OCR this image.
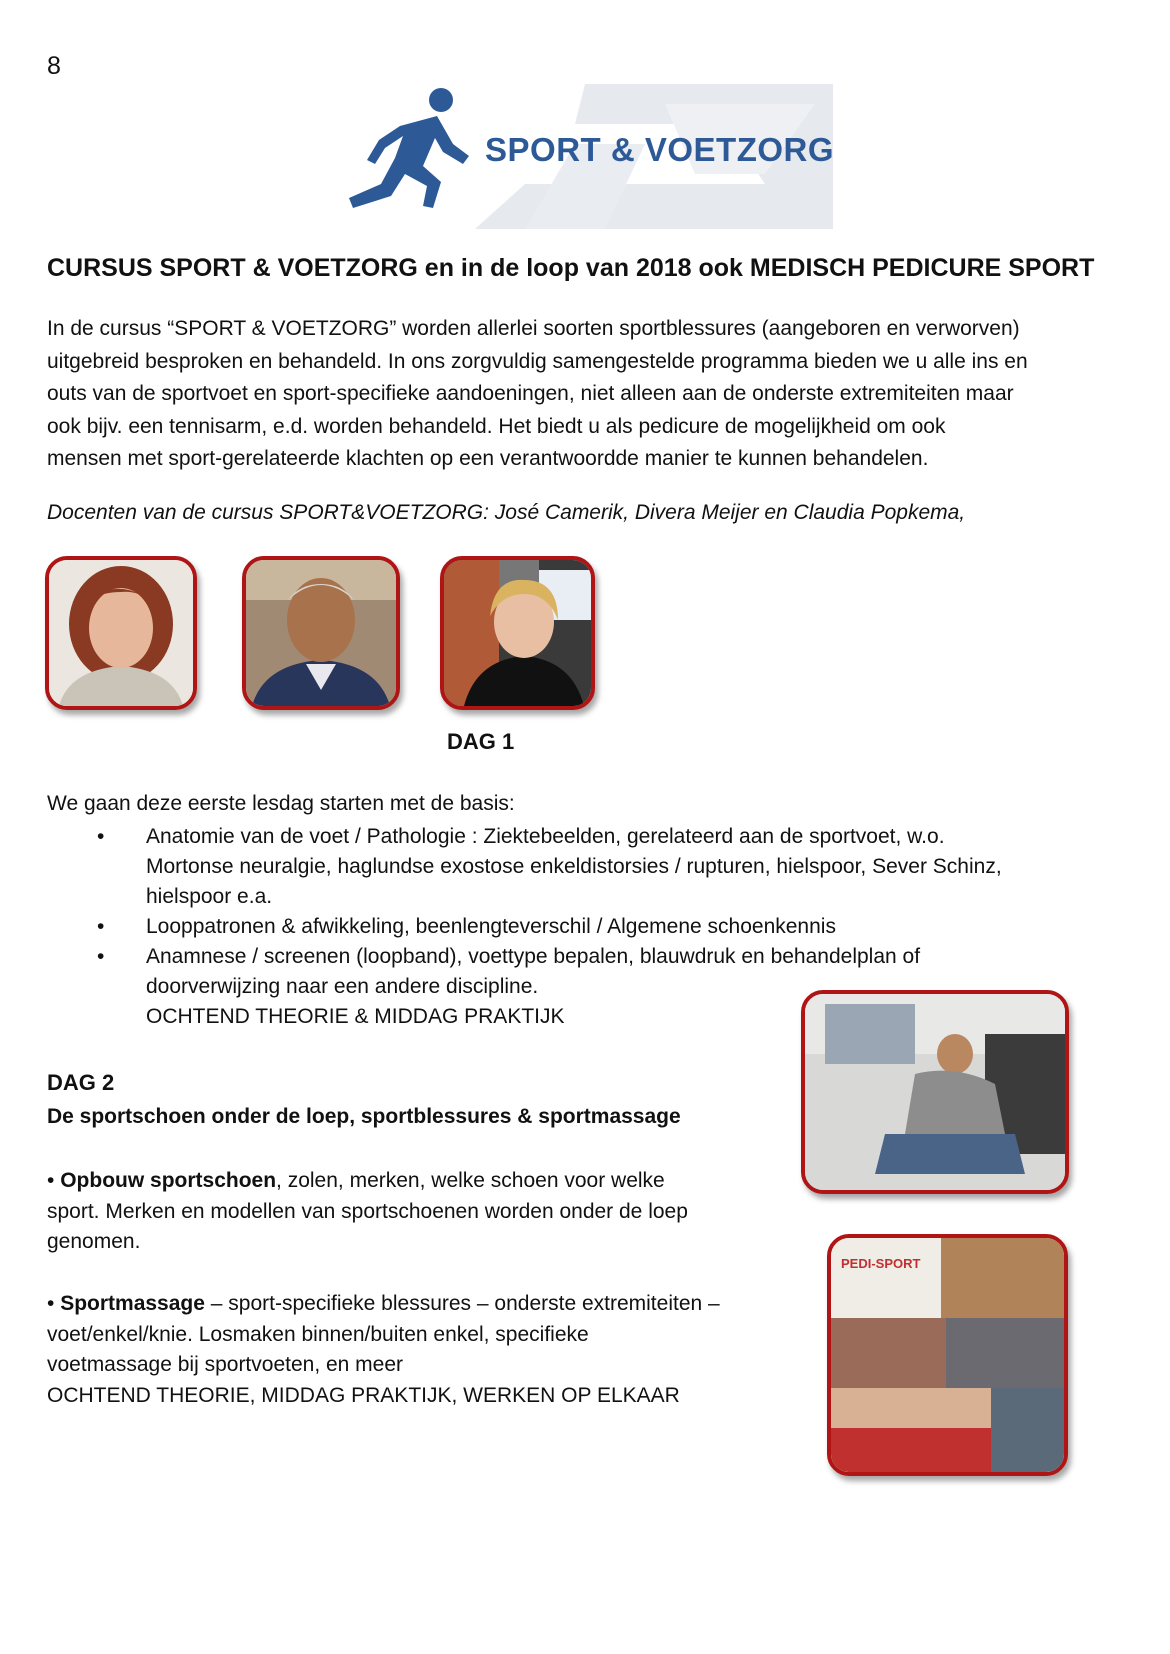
8
SPORT & VOETZORG
CURSUS SPORT & VOETZORG en in de loop van 2018 ook MEDISCH PEDICURE SPORT
In de cursus “SPORT & VOETZORG” worden allerlei soorten sportblessures (aangeboren en verworven)
uitgebreid besproken en behandeld. In ons zorgvuldig samengestelde programma bieden we u alle ins en
outs van de sportvoet en sport-specifieke aandoeningen, niet alleen aan de onderste extremiteiten maar
ook bijv. een tennisarm, e.d. worden behandeld. Het biedt u als pedicure de mogelijkheid om ook
mensen met sport-gerelateerde klachten op een verantwoordde manier te kunnen behandelen.
Docenten van de cursus SPORT&VOETZORG: José Camerik, Divera Meijer en Claudia Popkema,
DAG 1
We gaan deze eerste lesdag starten met de basis:
• Anatomie van de voet / Pathologie : Ziektebeelden, gerelateerd aan de sportvoet, w.o.
Mortonse neuralgie, haglundse exostose enkeldistorsies / rupturen, hielspoor, Sever Schinz,
hielspoor e.a.
• Looppatronen & afwikkeling, beenlengteverschil / Algemene schoenkennis
• Anamnese / screenen (loopband), voettype bepalen, blauwdruk en behandelplan of
doorverwijzing naar een andere discipline.
OCHTEND THEORIE & MIDDAG PRAKTIJK
DAG 2
De sportschoen onder de loep, sportblessures & sportmassage
• Opbouw sportschoen, zolen, merken, welke schoen voor welke
sport. Merken en modellen van sportschoenen worden onder de loep
genomen.
• Sportmassage – sport-specifieke blessures – onderste extremiteiten –
voet/enkel/knie. Losmaken binnen/buiten enkel, specifieke
voetmassage bij sportvoeten, en meer
OCHTEND THEORIE, MIDDAG PRAKTIJK, WERKEN OP ELKAAR
PEDI-SPORT
